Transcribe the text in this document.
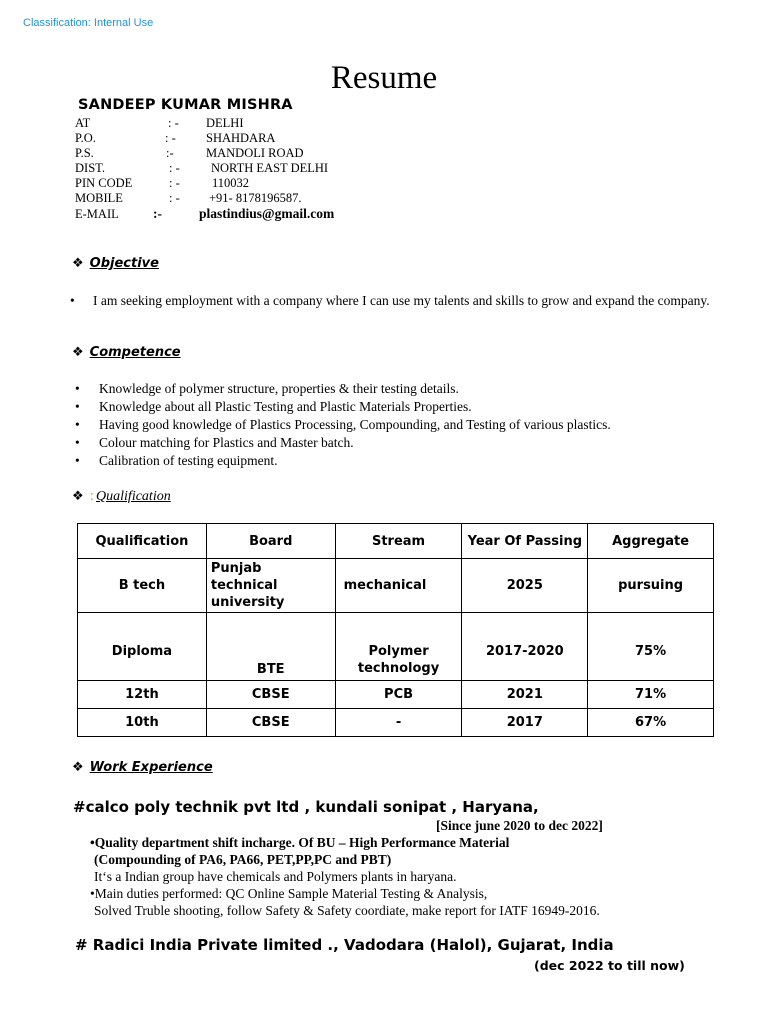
Classification: Internal Use
Resume
SANDEEP KUMAR MISHRA
AT	: - DELHI
P.O.	: - SHAHDARA
P.S.	:-	MANDOLI ROAD
DIST.	: - NORTH EAST DELHI
PIN CODE	: -	110032
MOBILE	: - +91- 8178196587.
E-MAIL	:-	plastindius@gmail.com
❖ Objective
• I am seeking employment with a company where I can use my talents and skills to grow and expand the company.
❖ Competence
• Knowledge of polymer structure, properties & their testing details.
• Knowledge about all Plastic Testing and Plastic Materials Properties.
• Having good knowledge of Plastics Processing, Compounding, and Testing of various plastics.
• Colour matching for Plastics and Master batch.
• Calibration of testing equipment.
❖ : Qualification
Qualification	Board	Stream	Year Of Passing	Aggregate
B tech	Punjab technical university	mechanical	2025	pursuing
Diploma	BTE	Polymer technology	2017-2020	75%
12th	CBSE	PCB	2021	71%
10th	CBSE	-	2017	67%
❖ Work Experience
#calco poly technik pvt ltd , kundali sonipat , Haryana,
[Since june 2020 to dec 2022]
•Quality department shift incharge. Of BU – High Performance Material
(Compounding of PA6, PA66, PET,PP,PC and PBT)
It‘s a Indian group have chemicals and Polymers plants in haryana.
•Main duties performed: QC Online Sample Material Testing & Analysis,
Solved Truble shooting, follow Safety & Safety coordiate, make report for IATF 16949-2016.
# Radici India Private limited ., Vadodara (Halol), Gujarat, India
(dec 2022 to till now)
